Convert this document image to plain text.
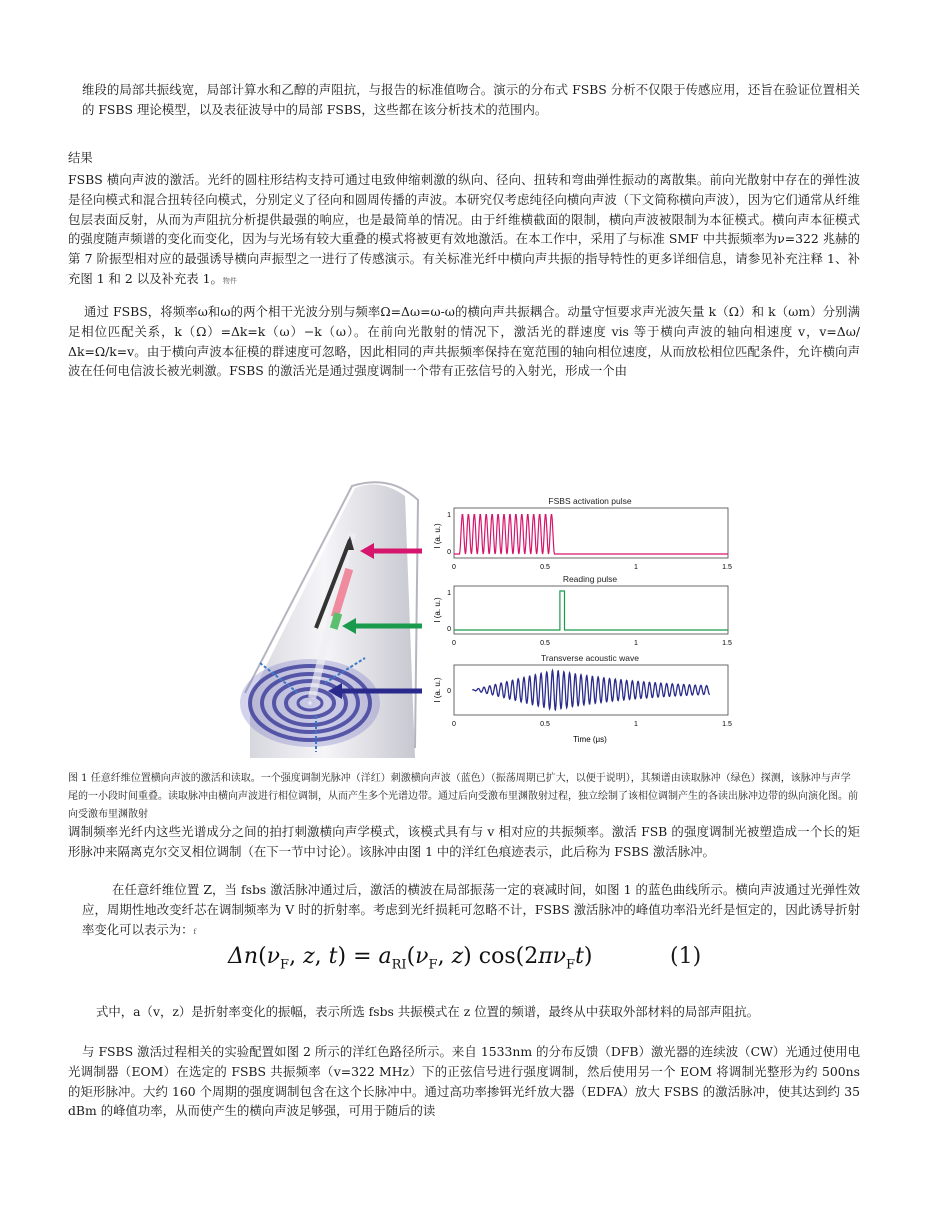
维段的局部共振线宽，局部计算水和乙醇的声阻抗，与报告的标准值吻合。演示的分布式 FSBS 分析不仅限于传感应用，还旨在验证位置相关的 FSBS 理论模型，以及表征波导中的局部 FSBS，这些都在该分析技术的范围内。

结果

FSBS 横向声波的激活。光纤的圆柱形结构支持可通过电致伸缩刺激的纵向、径向、扭转和弯曲弹性振动的离散集。前向光散射中存在的弹性波是径向模式和混合扭转径向模式，分别定义了径向和圆周传播的声波。本研究仅考虑纯径向横向声波（下文简称横向声波），因为它们通常从纤维包层表面反射，从而为声阻抗分析提供最强的响应，也是最简单的情况。由于纤维横截面的限制，横向声波被限制为本征模式。横向声本征模式的强度随声频谱的变化而变化，因为与光场有较大重叠的模式将被更有效地激活。在本工作中，采用了与标准 SMF 中共振频率为ν=322 兆赫的第 7 阶振型相对应的最强诱导横向声振型之一进行了传感演示。有关标准光纤中横向声共振的指导特性的更多详细信息，请参见补充注释 1、补充图 1 和 2 以及补充表 1。物件

通过 FSBS，将频率ω和ω的两个相干光波分别与频率Ω=Δω=ω-ω的横向声共振耦合。动量守恒要求声光波矢量 k（Ω）和 k（ωm）分别满足相位匹配关系，k（Ω）=Δk=k（ω）−k（ω）。在前向光散射的情况下，激活光的群速度 vis 等于横向声波的轴向相速度 v，v=Δω/Δk=Ω/k=v。由于横向声波本征模的群速度可忽略，因此相同的声共振频率保持在宽范围的轴向相位速度，从而放松相位匹配条件，允许横向声波在任何电信波长被光刺激。FSBS 的激活光是通过强度调制一个带有正弦信号的入射光，形成一个由

FSBS activation pulse
I (a. u.)
1
0
0	0.5	1	1.5
Reading pulse
I (a. u.)
1
0
0	0.5	1	1.5
Transverse acoustic wave
I (a. u.) 0
0	0.5	1	1.5
Time (μs)

图 1 任意纤维位置横向声波的激活和读取。一个强度调制光脉冲（洋红）刺激横向声波（蓝色）（振荡周期已扩大，以便于说明），其频谱由读取脉冲（绿色）探测，该脉冲与声学尾的一小段时间重叠。读取脉冲由横向声波进行相位调制，从而产生多个光谱边带。通过后向受激布里渊散射过程，独立绘制了该相位调制产生的各读出脉冲边带的纵向演化图。前向受激布里渊散射

调制频率光纤内这些光谱成分之间的拍打刺激横向声学模式，该模式具有与 v 相对应的共振频率。激活 FSB 的强度调制光被塑造成一个长的矩形脉冲来隔离克尔交叉相位调制（在下一节中讨论）。该脉冲由图 1 中的洋红色痕迹表示，此后称为 FSBS 激活脉冲。

在任意纤维位置 Z，当 fsbs 激活脉冲通过后，激活的横波在局部振荡一定的衰减时间，如图 1 的蓝色曲线所示。横向声波通过光弹性效应，周期性地改变纤芯在调制频率为 V 时的折射率。考虑到光纤损耗可忽略不计，FSBS 激活脉冲的峰值功率沿光纤是恒定的，因此诱导折射率变化可以表示为：f

$\Delta n(\nu_F$, z, $t) = a_{RI}(\nu_F$, z) $\cos(2\pi\nu_Ft)$	(1)

式中，a（v，z）是折射率变化的振幅，表示所选 fsbs 共振模式在 z 位置的频谱，最终从中获取外部材料的局部声阻抗。

与 FSBS 激活过程相关的实验配置如图 2 所示的洋红色路径所示。来自 1533nm 的分布反馈（DFB）激光器的连续波（CW）光通过使用电光调制器（EOM）在选定的 FSBS 共振频率（v=322 MHz）下的正弦信号进行强度调制，然后使用另一个 EOM 将调制光整形为约 500ns 的矩形脉冲。大约 160 个周期的强度调制包含在这个长脉冲中。通过高功率掺铒光纤放大器（EDFA）放大 FSBS 的激活脉冲，使其达到约 35 dBm 的峰值功率，从而使产生的横向声波足够强，可用于随后的读
